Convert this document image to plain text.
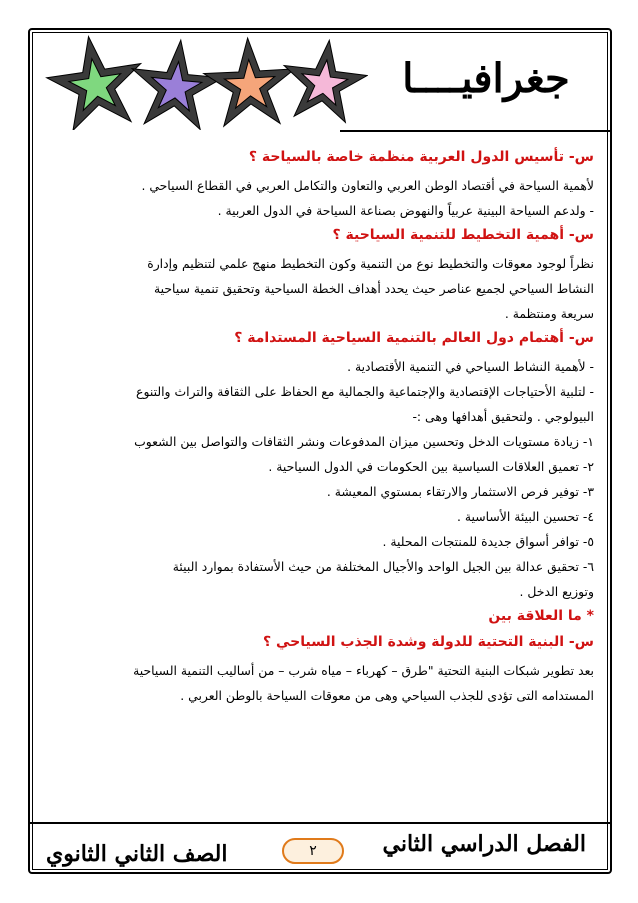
جغرافيــــا
س- تأسيس الدول العربية منظمة خاصة بالسياحة ؟
لأهمية السياحة في أقتصاد الوطن العربي والتعاون والتكامل العربي في القطاع السياحي .
- ولدعم السياحة البينية عربياً والنهوض بصناعة السياحة في الدول العربية .
س- أهمية التخطيط للتنمية السياحية ؟
نظراً لوجود معوقات والتخطيط نوع من التنمية وكون التخطيط منهج علمي لتنظيم وإدارة
النشاط السياحي لجميع عناصر حيث يحدد أهداف الخطة السياحية وتحقيق تنمية سياحية
سريعة ومنتظمة .
س- أهتمام دول العالم بالتنمية السياحية المستدامة ؟
- لأهمية النشاط السياحي في التنمية الأقتصادية .
- لتلبية الأحتياجات الإقتصادية والإجتماعية والجمالية مع الحفاظ على الثقافة والتراث والتنوع
البيولوجي . ولتحقيق أهدافها وهى :-
١- زيادة مستويات الدخل وتحسين ميزان المدفوعات ونشر الثقافات والتواصل بين الشعوب
٢- تعميق العلاقات السياسية بين الحكومات في الدول السياحية .
٣- توفير فرص الاستثمار والارتقاء بمستوي المعيشة .
٤- تحسين البيئة الأساسية .
٥- توافر أسواق جديدة للمنتجات المحلية .
٦- تحقيق عدالة بين الجيل الواحد والأجيال المختلفة من حيث الأستفادة بموارد البيئة
وتوزيع الدخل .
* ما العلاقة بين
س- البنية التحتية للدولة وشدة الجذب السياحي ؟
بعد تطوير شبكات البنية التحتية "طرق – كهرباء – مياه شرب – من أساليب التنمية السياحية
المستدامه التى تؤدى للجذب السياحي وهى من معوقات السياحة بالوطن العربي .
الفصل الدراسي الثاني
٢
الصف الثاني الثانوي
